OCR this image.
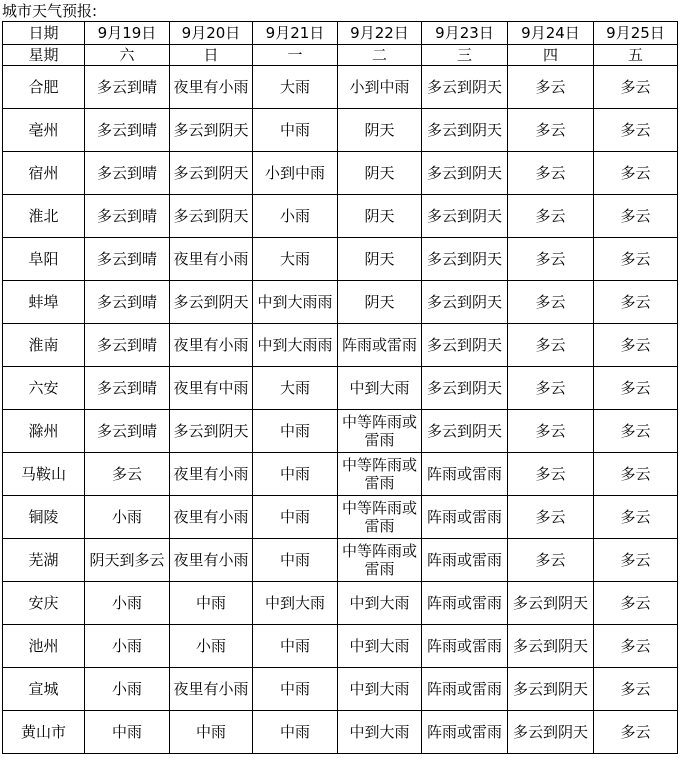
城市天气预报:
日期	9月19日	9月20日	9月21日	9月22日	9月23日	9月24日	9月25日
星期	六	日	一	二	三	四	五
合肥	多云到晴	夜里有小雨	大雨	小到中雨	多云到阴天	多云	多云
亳州	多云到晴	多云到阴天	中雨	阴天	多云到阴天	多云	多云
宿州	多云到晴	多云到阴天	小到中雨	阴天	多云到阴天	多云	多云
淮北	多云到晴	多云到阴天	小雨	阴天	多云到阴天	多云	多云
阜阳	多云到晴	夜里有小雨	大雨	阴天	多云到阴天	多云	多云
蚌埠	多云到晴	多云到阴天	中到大雨雨	阴天	多云到阴天	多云	多云
淮南	多云到晴	夜里有小雨	中到大雨雨	阵雨或雷雨	多云到阴天	多云	多云
六安	多云到晴	夜里有中雨	大雨	中到大雨	多云到阴天	多云	多云
滁州	多云到晴	多云到阴天	中雨	中等阵雨或雷雨	多云到阴天	多云	多云
马鞍山	多云	夜里有小雨	中雨	中等阵雨或雷雨	阵雨或雷雨	多云	多云
铜陵	小雨	夜里有小雨	中雨	中等阵雨或雷雨	阵雨或雷雨	多云	多云
芜湖	阴天到多云	夜里有小雨	中雨	中等阵雨或雷雨	阵雨或雷雨	多云	多云
安庆	小雨	中雨	中到大雨	中到大雨	阵雨或雷雨	多云到阴天	多云
池州	小雨	小雨	中雨	中到大雨	阵雨或雷雨	多云到阴天	多云
宣城	小雨	夜里有小雨	中雨	中到大雨	阵雨或雷雨	多云到阴天	多云
黄山市	中雨	中雨	中雨	中到大雨	阵雨或雷雨	多云到阴天	多云
